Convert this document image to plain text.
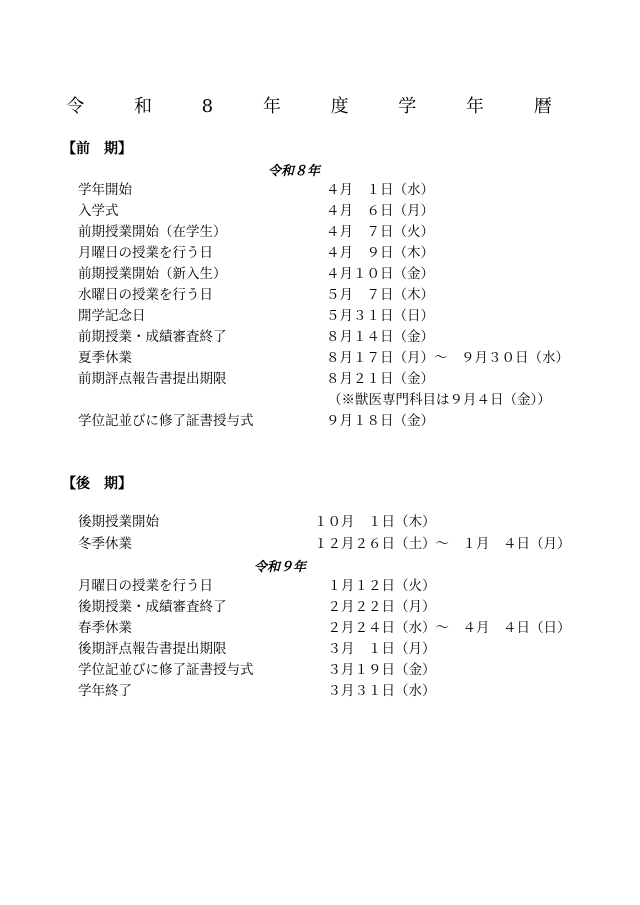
令 和 8 年 度 学 年 暦
【前　期】
令和８年
学年開始	４月　１日（水）
入学式	４月　６日（月）
前期授業開始（在学生）	４月　７日（火）
月曜日の授業を行う日	４月　９日（木）
前期授業開始（新入生）	４月１０日（金）
水曜日の授業を行う日	５月　７日（木）
開学記念日	５月３１日（日）
前期授業・成績審査終了	８月１４日（金）
夏季休業	８月１７日（月）～　９月３０日（水）
前期評点報告書提出期限	８月２１日（金）
（※獣医専門科目は９月４日（金））
学位記並びに修了証書授与式	９月１８日（金）
【後　期】
後期授業開始	１０月　１日（木）
冬季休業	１２月２６日（土）～　１月　４日（月）
令和９年
月曜日の授業を行う日	　１月１２日（火）
後期授業・成績審査終了	　２月２２日（月）
春季休業	　２月２４日（水）～　４月　４日（日）
後期評点報告書提出期限	　３月　１日（月）
学位記並びに修了証書授与式	　３月１９日（金）
学年終了	　３月３１日（水）
